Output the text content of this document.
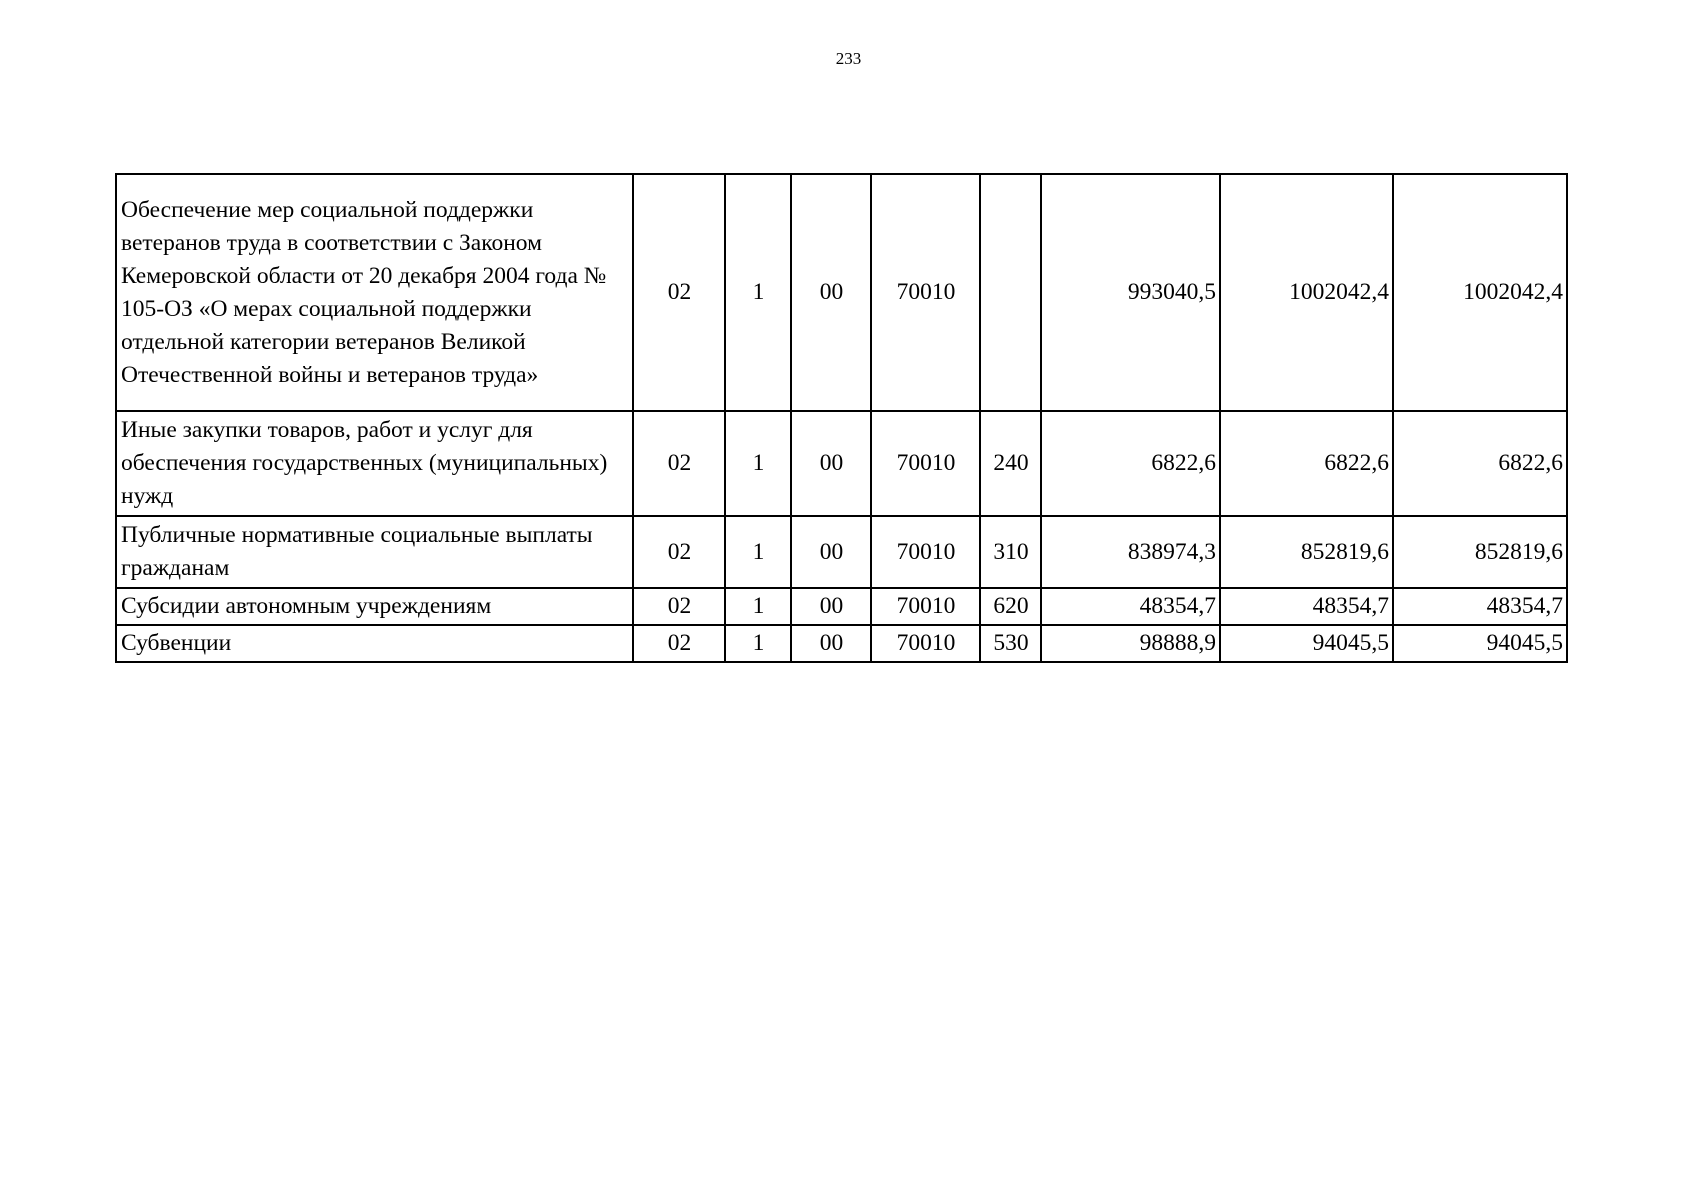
233
Обеспечение мер социальной поддержки ветеранов труда в соответствии с Законом Кемеровской области от 20 декабря 2004 года № 105-ОЗ «О мерах социальной поддержки отдельной категории ветеранов Великой Отечественной войны и ветеранов труда»	02	1	00	70010		993040,5	1002042,4	1002042,4
Иные закупки товаров, работ и услуг для обеспечения государственных (муниципальных) нужд	02	1	00	70010	240	6822,6	6822,6	6822,6
Публичные нормативные социальные выплаты гражданам	02	1	00	70010	310	838974,3	852819,6	852819,6
Субсидии автономным учреждениям	02	1	00	70010	620	48354,7	48354,7	48354,7
Субвенции	02	1	00	70010	530	98888,9	94045,5	94045,5
